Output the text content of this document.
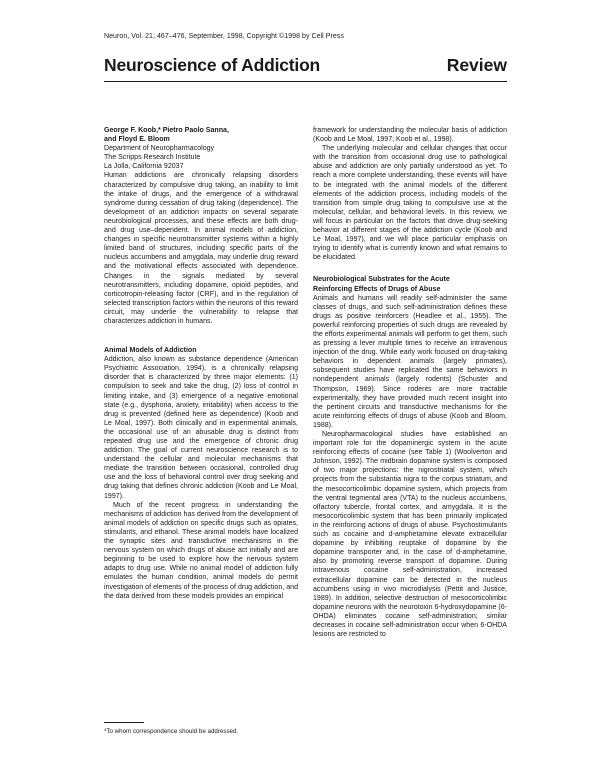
Neuron, Vol. 21, 467–476, September, 1998, Copyright ©1998 by Cell Press
Neuroscience of Addiction	Review

George F. Koob,* Pietro Paolo Sanna,

and Floyd E. Bloom

Department of Neuropharmacology

The Scripps Research Institute

La Jolla, California 92037

Human addictions are chronically relapsing disorders characterized by compulsive drug taking, an inability to limit the intake of drugs, and the emergence of a withdrawal syndrome during cessation of drug taking (dependence). The development of an addiction impacts on several separate neurobiological processes, and these effects are both drug- and drug use–dependent. In animal models of addiction, changes in specific neurotransmitter systems within a highly limited band of structures, including specific parts of the nucleus accumbens and amygdala, may underlie drug reward and the motivational effects associated with dependence. Changes in the signals mediated by several neurotransmitters, including dopamine, opioid peptides, and corticotropin-releasing factor (CRF), and in the regulation of selected transcription factors within the neurons of this reward circuit, may underlie the vulnerability to relapse that characterizes addiction in humans.

Animal Models of Addiction

Addiction, also known as substance dependence (American Psychiatric Association, 1994), is a chronically relapsing disorder that is characterized by three major elements: (1) compulsion to seek and take the drug, (2) loss of control in limiting intake, and (3) emergence of a negative emotional state (e.g., dysphoria, anxiety, irritability) when access to the drug is prevented (defined here as dependence) (Koob and Le Moal, 1997). Both clinically and in experimental animals, the occasional use of an abusable drug is distinct from repeated drug use and the emergence of chronic drug addiction. The goal of current neuroscience research is to understand the cellular and molecular mechanisms that mediate the transition between occasional, controlled drug use and the loss of behavioral control over drug seeking and drug taking that defines chronic addiction (Koob and Le Moal, 1997).

Much of the recent progress in understanding the mechanisms of addiction has derived from the development of animal models of addiction on specific drugs such as opiates, stimulants, and ethanol. These animal models have localized the synaptic sites and transductive mechanisms in the nervous system on which drugs of abuse act initially and are beginning to be used to explore how the nervous system adapts to drug use. While no animal model of addiction fully emulates the human condition, animal models do permit investigation of elements of the process of drug addiction, and the data derived from these models provides an empirical

framework for understanding the molecular basis of addiction (Koob and Le Moal, 1997; Koob et al., 1998).

The underlying molecular and cellular changes that occur with the transition from occasional drug use to pathological abuse and addiction are only partially understood as yet. To reach a more complete understanding, these events will have to be integrated with the animal models of the different elements of the addiction process, including models of the transition from simple drug taking to compulsive use at the molecular, cellular, and behavioral levels. In this review, we will focus in particular on the factors that drive drug-seeking behavior at different stages of the addiction cycle (Koob and Le Moal, 1997), and we will place particular emphasis on trying to identify what is currently known and what remains to be elucidated.

Neurobiological Substrates for the Acute
Reinforcing Effects of Drugs of Abuse

Animals and humans will readily self-administer the same classes of drugs, and such self-administration defines these drugs as positive reinforcers (Headlee et al., 1955). The powerful reinforcing properties of such drugs are revealed by the efforts experimental animals will perform to get them, such as pressing a lever multiple times to receive an intravenous injection of the drug. While early work focused on drug-taking behaviors in dependent animals (largely primates), subsequent studies have replicated the same behaviors in nondependent animals (largely rodents) (Schuster and Thompson, 1969). Since rodents are more tractable experimentally, they have provided much recent insight into the pertinent circuits and transductive mechanisms for the acute reinforcing effects of drugs of abuse (Koob and Bloom, 1988).

Neuropharmacological studies have established an important role for the dopaminergic system in the acute reinforcing effects of cocaine (see Table 1) (Woolverton and Johnson, 1992). The midbrain dopamine system is composed of two major projections: the nigrostriatal system, which projects from the substantia nigra to the corpus striatum, and the mesocorticolimbic dopamine system, which projects from the ventral tegmental area (VTA) to the nucleus accumbens, olfactory tubercle, frontal cortex, and amygdala. It is the mesocorticolimbic system that has been primarily implicated in the reinforcing actions of drugs of abuse. Psychostimulants such as cocaine and d-amphetamine elevate extracellular dopamine by inhibiting reuptake of dopamine by the dopamine transporter and, in the case of d-amphetamine, also by promoting reverse transport of dopamine. During intravenous cocaine self-administration, increased extracellular dopamine can be detected in the nucleus accumbens using in vivo microdialysis (Pettit and Justice, 1989). In addition, selective destruction of mesocorticolimbic dopamine neurons with the neurotoxin 6-hydroxydopamine (6-OHDA) eliminates cocaine self-administration; similar decreases in cocaine self-administration occur when 6-OHDA lesions are restricted to

*To whom correspondence should be addressed.
